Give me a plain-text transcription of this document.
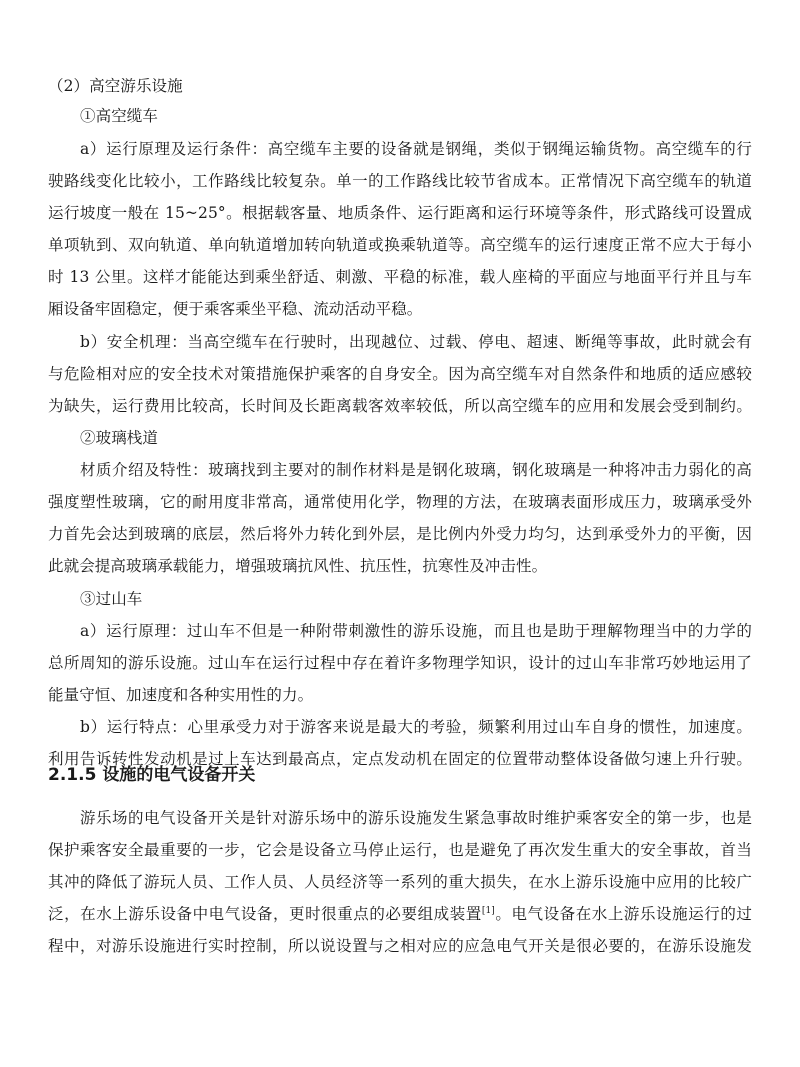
（2）高空游乐设施
①高空缆车
a）运行原理及运行条件：高空缆车主要的设备就是钢绳，类似于钢绳运输货物。高空缆车的行
驶路线变化比较小，工作路线比较复杂。单一的工作路线比较节省成本。正常情况下高空缆车的轨道
运行坡度一般在 15~25°。根据载客量、地质条件、运行距离和运行环境等条件，形式路线可设置成
单项轨到、双向轨道、单向轨道增加转向轨道或换乘轨道等。高空缆车的运行速度正常不应大于每小
时 13 公里。这样才能能达到乘坐舒适、刺激、平稳的标准，载人座椅的平面应与地面平行并且与车
厢设备牢固稳定，便于乘客乘坐平稳、流动活动平稳。
b）安全机理：当高空缆车在行驶时，出现越位、过载、停电、超速、断绳等事故，此时就会有
与危险相对应的安全技术对策措施保护乘客的自身安全。因为高空缆车对自然条件和地质的适应感较
为缺失，运行费用比较高，长时间及长距离载客效率较低，所以高空缆车的应用和发展会受到制约。
②玻璃栈道
材质介绍及特性：玻璃找到主要对的制作材料是是钢化玻璃，钢化玻璃是一种将冲击力弱化的高
强度塑性玻璃，它的耐用度非常高，通常使用化学，物理的方法，在玻璃表面形成压力，玻璃承受外
力首先会达到玻璃的底层，然后将外力转化到外层，是比例内外受力均匀，达到承受外力的平衡，因
此就会提高玻璃承载能力，增强玻璃抗风性、抗压性，抗寒性及冲击性。
③过山车
a）运行原理：过山车不但是一种附带刺激性的游乐设施，而且也是助于理解物理当中的力学的
总所周知的游乐设施。过山车在运行过程中存在着许多物理学知识，设计的过山车非常巧妙地运用了
能量守恒、加速度和各种实用性的力。
b）运行特点：心里承受力对于游客来说是最大的考验，频繁利用过山车自身的惯性，加速度。
利用告诉转性发动机是过上车达到最高点，定点发动机在固定的位置带动整体设备做匀速上升行驶。
2.1.5 设施的电气设备开关
游乐场的电气设备开关是针对游乐场中的游乐设施发生紧急事故时维护乘客安全的第一步，也是
保护乘客安全最重要的一步，它会是设备立马停止运行，也是避免了再次发生重大的安全事故，首当
其冲的降低了游玩人员、工作人员、人员经济等一系列的重大损失，在水上游乐设施中应用的比较广
泛，在水上游乐设备中电气设备，更时很重点的必要组成装置[1]。电气设备在水上游乐设施运行的过
程中，对游乐设施进行实时控制，所以说设置与之相对应的应急电气开关是很必要的，在游乐设施发
